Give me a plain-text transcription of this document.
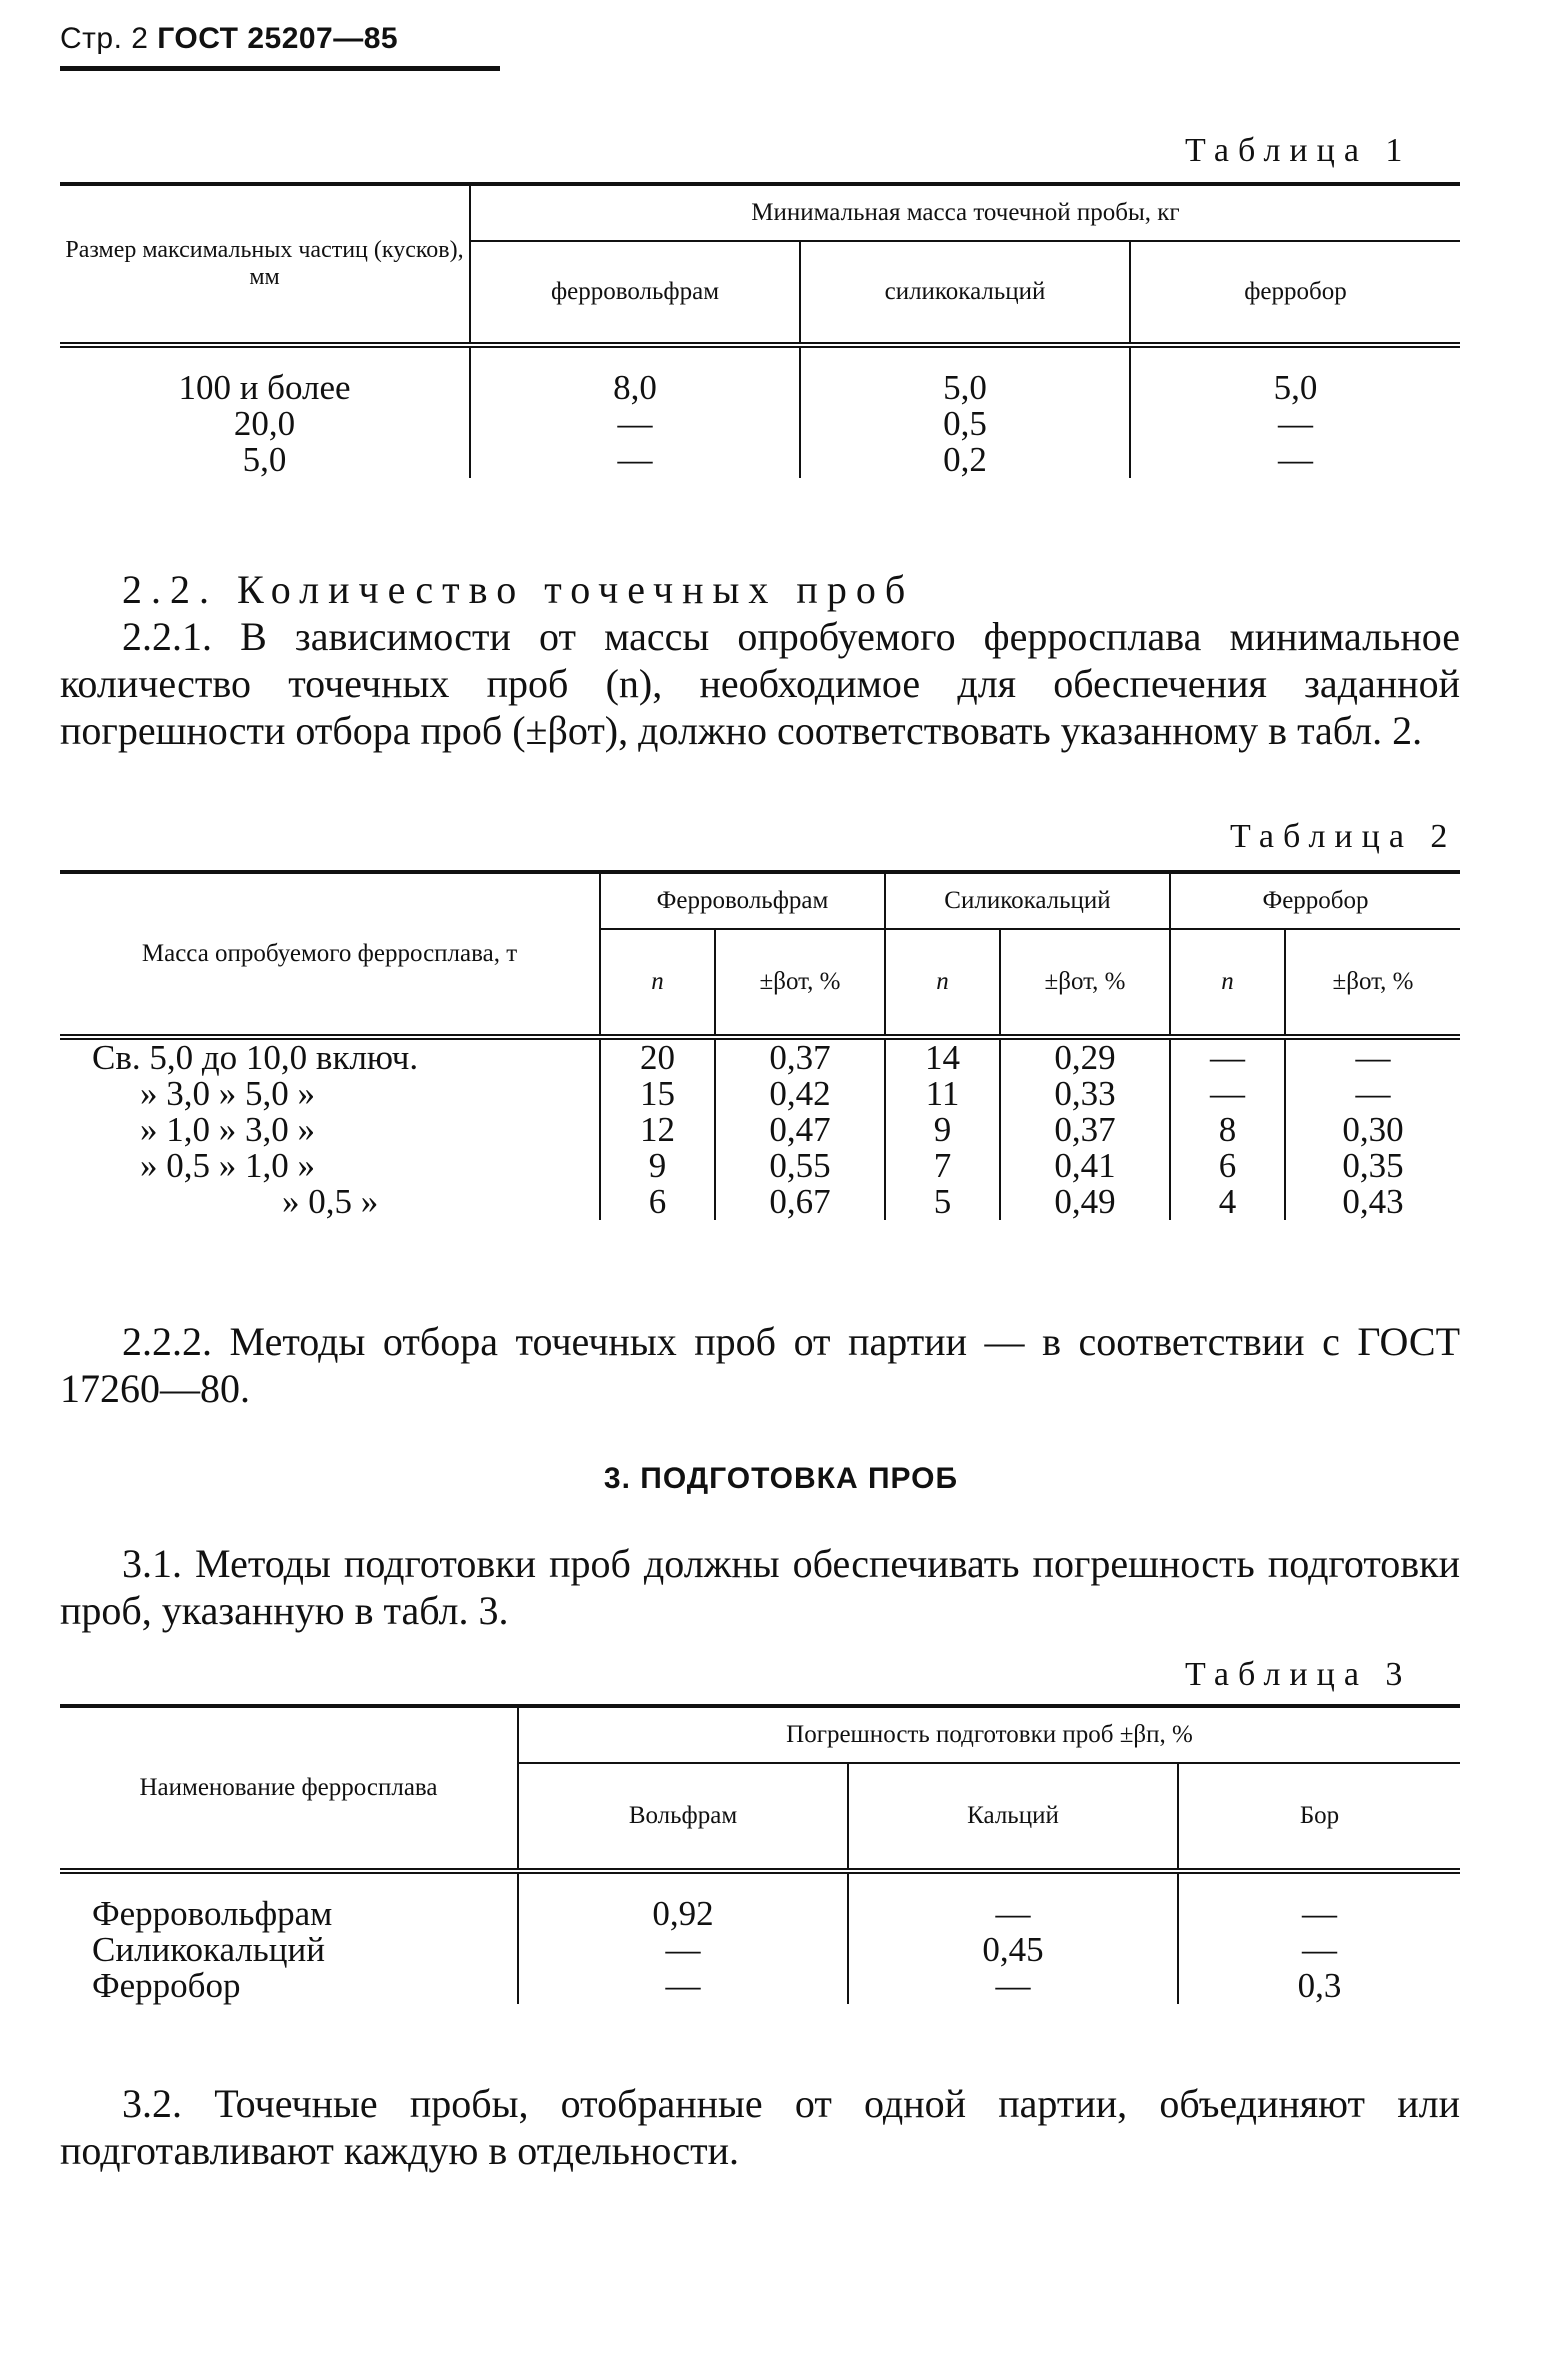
Стр. 2 ГОСТ 25207—85
Таблица 1
Размер максимальных частиц (кусков), мм	Минимальная масса точечной пробы, кг		
	ферровольфрам	силикокальций	ферробор

100 и более	8,0	5,0	5,0
20,0	—	0,5	—
5,0	—	0,2	—

2.2. Количество точечных проб

2.2.1. В зависимости от массы опробуемого ферросплава минимальное количество точечных проб (n), необходимое для обеспечения заданной погрешности отбора проб (±βот), должно соответствовать указанному в табл. 2.

Таблица 2
Масса опробуемого ферросплава, т	Ферровольфрам		Силикокальций		Ферробор	
	n	±βот, %	n	±βот, %	n	±βот, %
Св. 5,0 до 10,0 включ.	20	0,37	14	0,29	—	—
» 3,0 » 5,0 »	15	0,42	11	0,33	—	—
» 1,0 » 3,0 »	12	0,47	9	0,37	8	0,30
» 0,5 » 1,0 »	9	0,55	7	0,41	6	0,35
» 0,5 »	6	0,67	5	0,49	4	0,43

2.2.2. Методы отбора точечных проб от партии — в соответствии с ГОСТ 17260—80.

3. ПОДГОТОВКА ПРОБ

3.1. Методы подготовки проб должны обеспечивать погрешность подготовки проб, указанную в табл. 3.

Таблица 3
Наименование ферросплава	Погрешность подготовки проб ±βп, %		
	Вольфрам	Кальций	Бор

Ферровольфрам	0,92	—	—
Силикокальций	—	0,45	—
Ферробор	—	—	0,3

3.2. Точечные пробы, отобранные от одной партии, объединяют или подготавливают каждую в отдельности.
